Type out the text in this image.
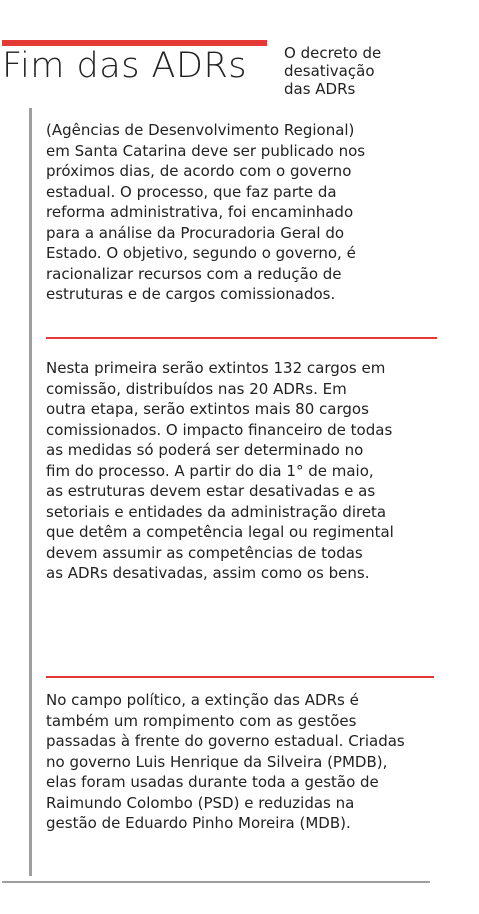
Fim das ADRs O decreto de
desativação
das ADRs
(Agências de Desenvolvimento Regional)
em Santa Catarina deve ser publicado nos
próximos dias, de acordo com o governo
estadual. O processo, que faz parte da
reforma administrativa, foi encaminhado
para a análise da Procuradoria Geral do
Estado. O objetivo, segundo o governo, é
racionalizar recursos com a redução de
estruturas e de cargos comissionados.
Nesta primeira serão extintos 132 cargos em
comissão, distribuídos nas 20 ADRs. Em
outra etapa, serão extintos mais 80 cargos
comissionados. O impacto financeiro de todas
as medidas só poderá ser determinado no
fim do processo. A partir do dia 1° de maio,
as estruturas devem estar desativadas e as
setoriais e entidades da administração direta
que detêm a competência legal ou regimental
devem assumir as competências de todas
as ADRs desativadas, assim como os bens.
No campo político, a extinção das ADRs é
também um rompimento com as gestões
passadas à frente do governo estadual. Criadas
no governo Luis Henrique da Silveira (PMDB),
elas foram usadas durante toda a gestão de
Raimundo Colombo (PSD) e reduzidas na
gestão de Eduardo Pinho Moreira (MDB).
